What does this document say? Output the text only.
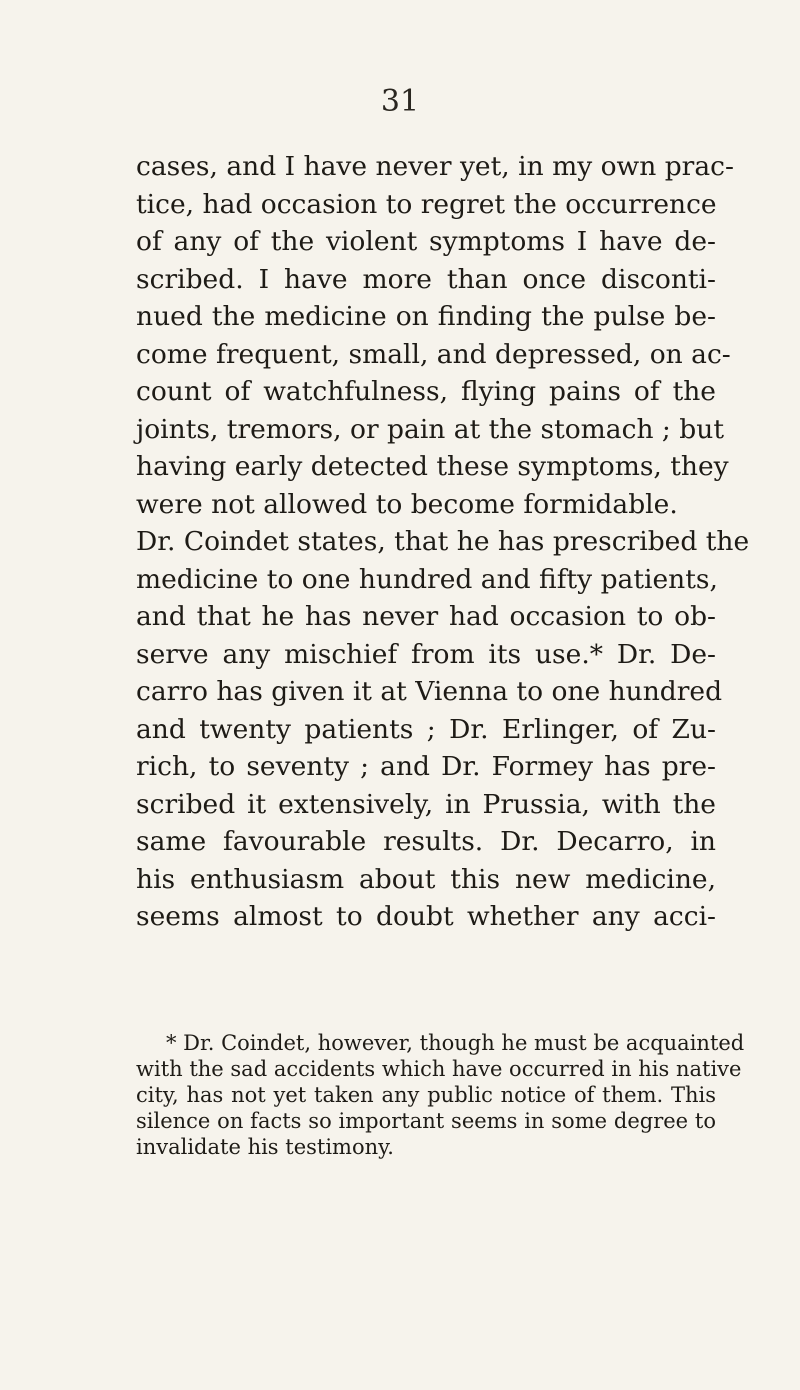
31
cases, and I have never yet, in my own prac-
tice, had occasion to regret the occurrence
of any of the violent symptoms I have de-
scribed. I have more than once disconti-
nued the medicine on finding the pulse be-
come frequent, small, and depressed, on ac-
count of watchfulness, flying pains of the
joints, tremors, or pain at the stomach ; but
having early detected these symptoms, they
were not allowed to become formidable.
Dr. Coindet states, that he has prescribed the
medicine to one hundred and fifty patients,
and that he has never had occasion to ob-
serve any mischief from its use.* Dr. De-
carro has given it at Vienna to one hundred
and twenty patients ; Dr. Erlinger, of Zu-
rich, to seventy ; and Dr. Formey has pre-
scribed it extensively, in Prussia, with the
same favourable results. Dr. Decarro, in
his enthusiasm about this new medicine,
seems almost to doubt whether any acci-
* Dr. Coindet, however, though he must be acquainted
with the sad accidents which have occurred in his native
city, has not yet taken any public notice of them. This
silence on facts so important seems in some degree to
invalidate his testimony.
